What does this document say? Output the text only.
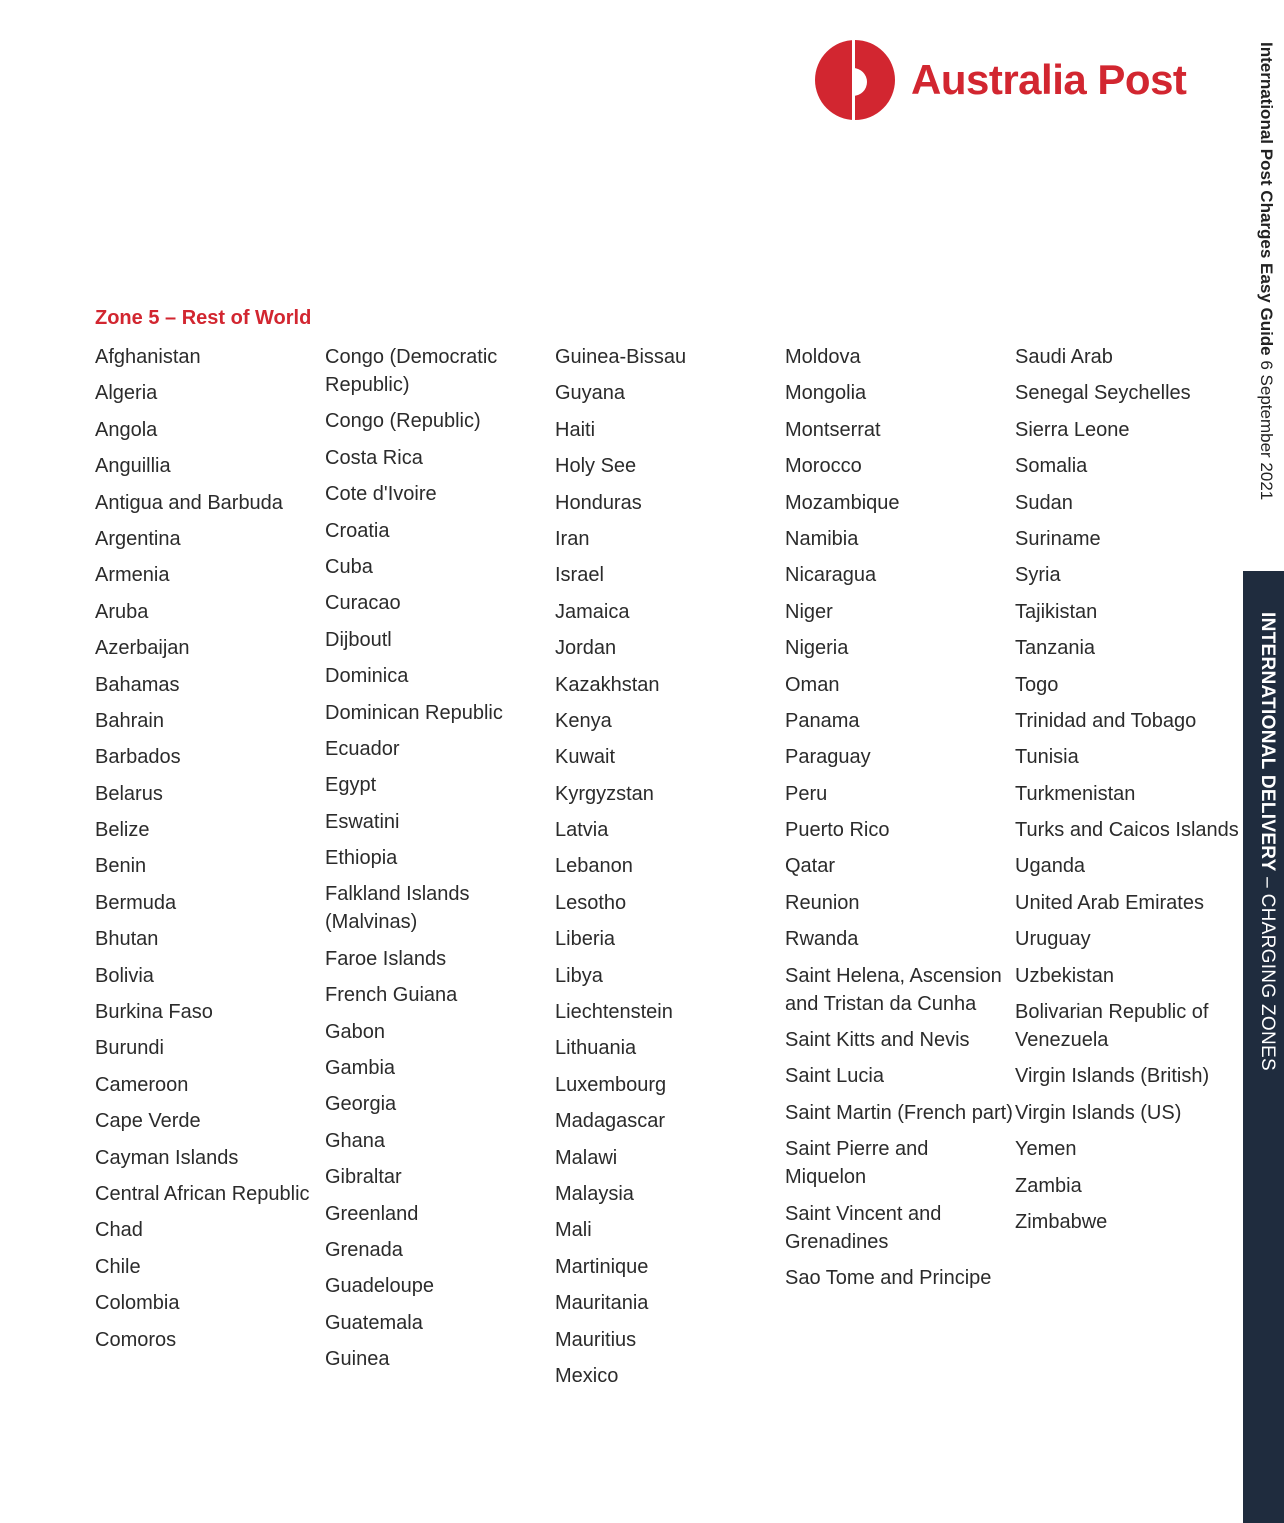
Australia Post
Zone 5 – Rest of World
Afghanistan
Algeria
Angola
Anguillia
Antigua and Barbuda
Argentina
Armenia
Aruba
Azerbaijan
Bahamas
Bahrain
Barbados
Belarus
Belize
Benin
Bermuda
Bhutan
Bolivia
Burkina Faso
Burundi
Cameroon
Cape Verde
Cayman Islands
Central African Republic
Chad
Chile
Colombia
Comoros
Congo (Democratic Republic)
Congo (Republic)
Costa Rica
Cote d'Ivoire
Croatia
Cuba
Curacao
Dijboutl
Dominica
Dominican Republic
Ecuador
Egypt
Eswatini
Ethiopia
Falkland Islands (Malvinas)
Faroe Islands
French Guiana
Gabon
Gambia
Georgia
Ghana
Gibraltar
Greenland
Grenada
Guadeloupe
Guatemala
Guinea
Guinea-Bissau
Guyana
Haiti
Holy See
Honduras
Iran
Israel
Jamaica
Jordan
Kazakhstan
Kenya
Kuwait
Kyrgyzstan
Latvia
Lebanon
Lesotho
Liberia
Libya
Liechtenstein
Lithuania
Luxembourg
Madagascar
Malawi
Malaysia
Mali
Martinique
Mauritania
Mauritius
Mexico
Moldova
Mongolia
Montserrat
Morocco
Mozambique
Namibia
Nicaragua
Niger
Nigeria
Oman
Panama
Paraguay
Peru
Puerto Rico
Qatar
Reunion
Rwanda
Saint Helena, Ascension and Tristan da Cunha
Saint Kitts and Nevis
Saint Lucia
Saint Martin (French part)
Saint Pierre and Miquelon
Saint Vincent and Grenadines
Sao Tome and Principe
Saudi Arab
Senegal Seychelles
Sierra Leone
Somalia
Sudan
Suriname
Syria
Tajikistan
Tanzania
Togo
Trinidad and Tobago
Tunisia
Turkmenistan
Turks and Caicos Islands
Uganda
United Arab Emirates
Uruguay
Uzbekistan
Bolivarian Republic of Venezuela
Virgin Islands (British)
Virgin Islands (US)
Yemen
Zambia
Zimbabwe
International Post Charges Easy Guide 6 September 2021
INTERNATIONAL DELIVERY – CHARGING ZONES
